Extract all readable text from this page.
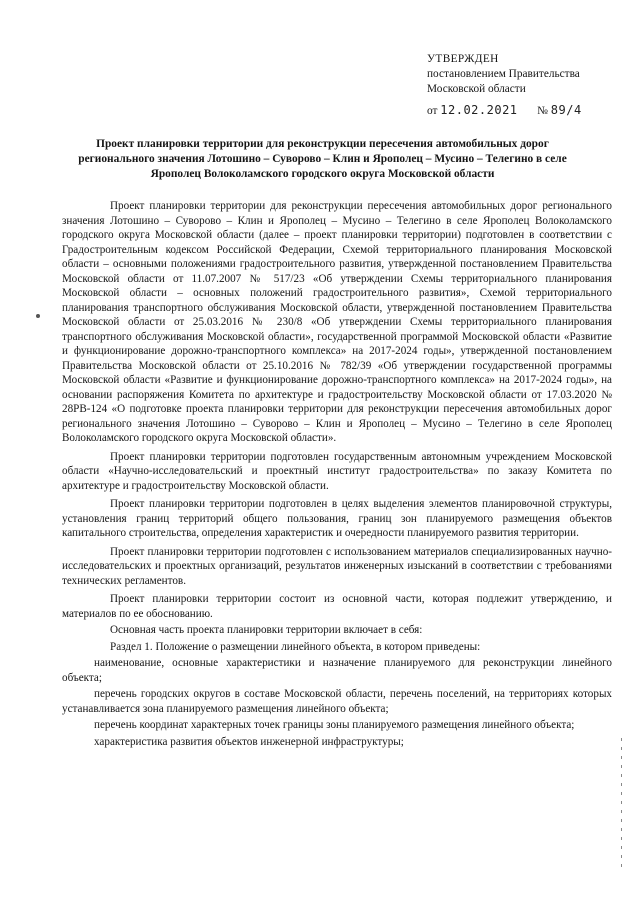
УТВЕРЖДЕН
постановлением Правительства
Московской области
от 12.02.2021 № 89/4
Проект планировки территории для реконструкции пересечения автомобильных дорог регионального значения Лотошино – Суворово – Клин и Ярополец – Мусино – Телегино в селе Ярополец Волоколамского городского округа Московской области

Проект планировки территории для реконструкции пересечения автомобильных дорог регионального значения Лотошино – Суворово – Клин и Ярополец – Мусино – Телегино в селе Ярополец Волоколамского городского округа Московской области (далее – проект планировки территории) подготовлен в соответствии с Градостроительным кодексом Российской Федерации, Схемой территориального планирования Московской области – основными положениями градостроительного развития, утвержденной постановлением Правительства Московской области от 11.07.2007 № 517/23 «Об утверждении Схемы территориального планирования Московской области – основных положений градостроительного развития», Схемой территориального планирования транспортного обслуживания Московской области, утвержденной постановлением Правительства Московской области от 25.03.2016 № 230/8 «Об утверждении Схемы территориального планирования транспортного обслуживания Московской области», государственной программой Московской области «Развитие и функционирование дорожно-транспортного комплекса» на 2017-2024 годы», утвержденной постановлением Правительства Московской области от 25.10.2016 № 782/39 «Об утверждении государственной программы Московской области «Развитие и функционирование дорожно-транспортного комплекса» на 2017-2024 годы», на основании распоряжения Комитета по архитектуре и градостроительству Московской области от 17.03.2020 № 28РВ-124 «О подготовке проекта планировки территории для реконструкции пересечения автомобильных дорог регионального значения Лотошино – Суворово – Клин и Ярополец – Мусино – Телегино в селе Ярополец Волоколамского городского округа Московской области».

Проект планировки территории подготовлен государственным автономным учреждением Московской области «Научно-исследовательский и проектный институт градостроительства» по заказу Комитета по архитектуре и градостроительству Московской области.

Проект планировки территории подготовлен в целях выделения элементов планировочной структуры, установления границ территорий общего пользования, границ зон планируемого размещения объектов капитального строительства, определения характеристик и очередности планируемого развития территории.

Проект планировки территории подготовлен с использованием материалов специализированных научно-исследовательских и проектных организаций, результатов инженерных изысканий в соответствии с требованиями технических регламентов.

Проект планировки территории состоит из основной части, которая подлежит утверждению, и материалов по ее обоснованию.

Основная часть проекта планировки территории включает в себя:

Раздел 1. Положение о размещении линейного объекта, в котором приведены:

наименование, основные характеристики и назначение планируемого для реконструкции линейного объекта;

перечень городских округов в составе Московской области, перечень поселений, на территориях которых устанавливается зона планируемого размещения линейного объекта;

перечень координат характерных точек границы зоны планируемого размещения линейного объекта;

характеристика развития объектов инженерной инфраструктуры;
